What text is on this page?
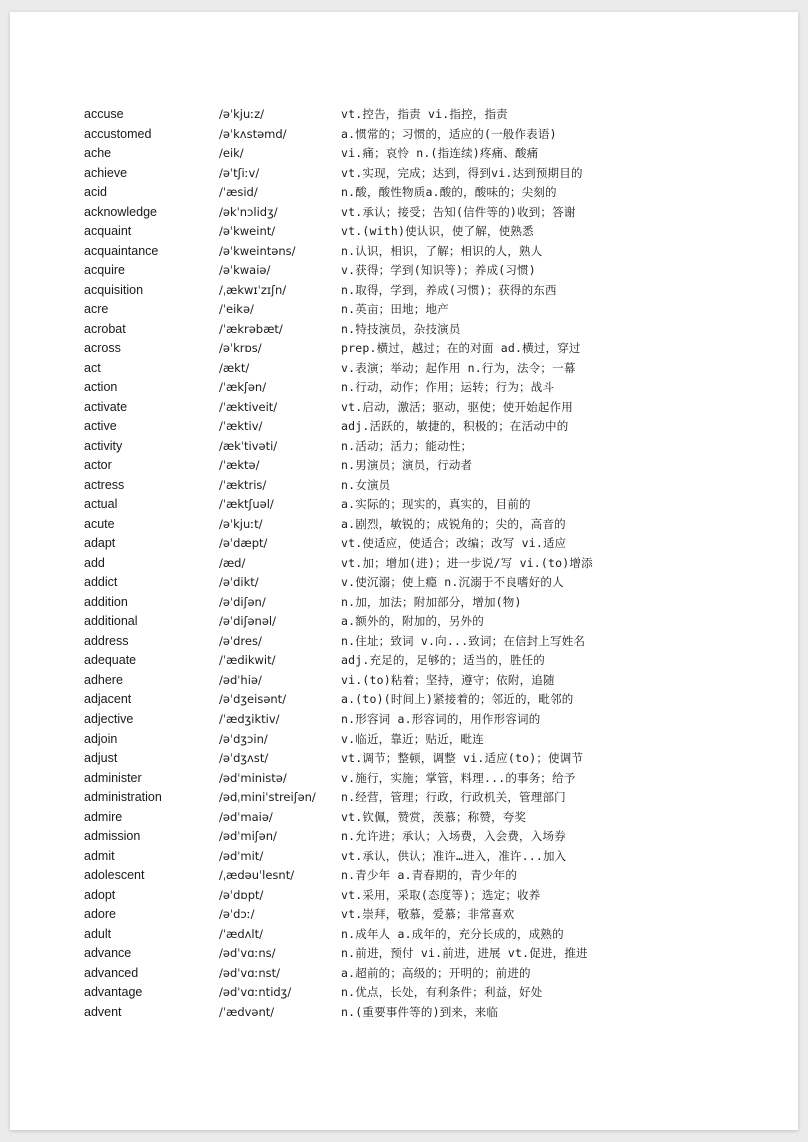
accuse	/əˈkjuːz/	vt.控告，指责 vi.指控，指责
accustomed	/əˈkʌstəmd/	a.惯常的；习惯的，适应的(一般作表语)
ache	/eik/	vi.痛；哀怜 n.(指连续)疼痛、酸痛
achieve	/əˈtʃiːv/	vt.实现，完成；达到，得到vi.达到预期目的
acid	/ˈæsid/	n.酸，酸性物质a.酸的，酸味的；尖刻的
acknowledge	/əkˈnɔlidʒ/	vt.承认；接受；告知(信件等的)收到；答谢
acquaint	/əˈkweint/	vt.(with)使认识，使了解，使熟悉
acquaintance	/əˈkweintəns/	n.认识，相识，了解；相识的人，熟人
acquire	/əˈkwaiə/	v.获得；学到(知识等)；养成(习惯)
acquisition	/ˌækwɪˈzɪʃn/	n.取得，学到，养成(习惯)；获得的东西
acre	/ˈeikə/	n.英亩；田地；地产
acrobat	/ˈækrəbæt/	n.特技演员，杂技演员
across	/əˈkrɒs/	prep.横过，越过；在的对面 ad.横过，穿过
act	/ækt/	v.表演；举动；起作用 n.行为，法令；一幕
action	/ˈækʃən/	n.行动，动作；作用；运转；行为；战斗
activate	/ˈæktiveit/	vt.启动，激活；驱动，驱使；使开始起作用
active	/ˈæktiv/	adj.活跃的，敏捷的，积极的；在活动中的
activity	/ækˈtivəti/	n.活动；活力；能动性；
actor	/ˈæktə/	n.男演员；演员，行动者
actress	/ˈæktris/	n.女演员
actual	/ˈæktʃuəl/	a.实际的；现实的，真实的，目前的
acute	/əˈkjuːt/	a.剧烈，敏锐的；成锐角的；尖的，高音的
adapt	/əˈdæpt/	vt.使适应，使适合；改编；改写 vi.适应
add	/æd/	vt.加；增加(进)；进一步说/写 vi.(to)增添
addict	/əˈdikt/	v.使沉溺；使上瘾 n.沉溺于不良嗜好的人
addition	/əˈdiʃən/	n.加，加法；附加部分，增加(物)
additional	/əˈdiʃənəl/	a.额外的，附加的，另外的
address	/əˈdres/	n.住址；致词 v.向...致词；在信封上写姓名
adequate	/ˈædikwit/	adj.充足的，足够的；适当的，胜任的
adhere	/ədˈhiə/	vi.(to)粘着；坚持，遵守；依附，追随
adjacent	/əˈdʒeisənt/	a.(to)(时间上)紧接着的；邻近的，毗邻的
adjective	/ˈædʒiktiv/	n.形容词 a.形容词的，用作形容词的
adjoin	/əˈdʒɔin/	v.临近，靠近；贴近，毗连
adjust	/əˈdʒʌst/	vt.调节；整顿，调整 vi.适应(to)；使调节
administer	/ədˈministə/	v.施行，实施；掌管，料理...的事务；给予
administration	/ədˌminiˈstreiʃən/ n.经营，管理；行政，行政机关，管理部门
admire	/ədˈmaiə/	vt.钦佩，赞赏，羡慕；称赞，夸奖
admission	/ədˈmiʃən/	n.允许进；承认；入场费，入会费，入场券
admit	/ədˈmit/	vt.承认，供认；准许…进入，准许...加入
adolescent	/ˌædəuˈlesnt/	n.青少年 a.青春期的，青少年的
adopt	/əˈdɒpt/	vt.采用，采取(态度等)；选定；收养
adore	/əˈdɔː/	vt.崇拜，敬慕，爱慕；非常喜欢
adult	/ˈædʌlt/	n.成年人 a.成年的，充分长成的，成熟的
advance	/ədˈvɑːns/	n.前进，预付 vi.前进，进展 vt.促进，推进
advanced	/ədˈvɑːnst/	a.超前的；高级的；开明的；前进的
advantage	/ədˈvɑːntidʒ/	n.优点，长处，有利条件；利益，好处
advent	/ˈædvənt/	n.(重要事件等的)到来，来临
